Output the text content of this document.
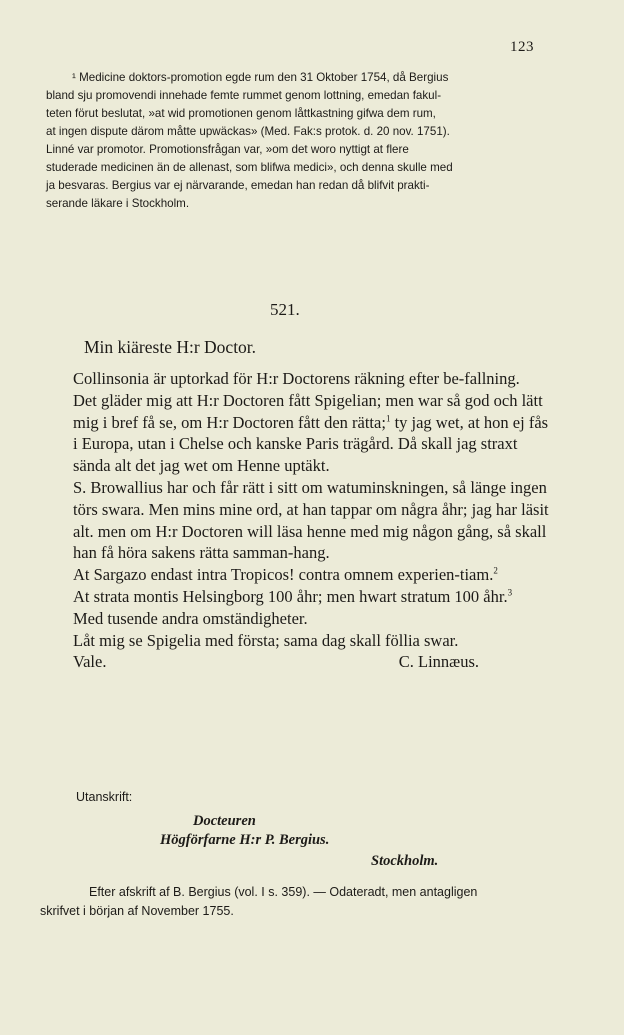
123
¹ Medicine doktors-promotion egde rum den 31 Oktober 1754, då Bergius
bland sju promovendi innehade femte rummet genom lottning, emedan fakul-
teten förut beslutat, »at wid promotionen genom låttkastning gifwa dem rum,
at ingen dispute därom måtte upwäckas» (Med. Fak:s protok. d. 20 nov. 1751).
Linné var promotor. Promotionsfrågan var, »om det woro nyttigt at flere
studerade medicinen än de allenast, som blifwa medici», och denna skulle med
ja besvaras. Bergius var ej närvarande, emedan han redan då blifvit prakti-
serande läkare i Stockholm.
521.
Min kiäreste H:r Doctor.

Collinsonia är uptorkad för H:r Doctorens räkning efter be-fallning.

Det gläder mig att H:r Doctoren fått Spigelian; men war så god och lätt mig i bref få se, om H:r Doctoren fått den rätta;$^1$ ty jag wet, at hon ej fås i Europa, utan i Chelse och kanske Paris trägård. Då skall jag straxt sända alt det jag wet om Henne uptäkt.

S. Browallius har och får rätt i sitt om watuminskningen, så länge ingen törs swara. Men mins mine ord, at han tappar om några åhr; jag har läsit alt. men om H:r Doctoren will läsa henne med mig någon gång, så skall han få höra sakens rätta samman-hang.

At Sargazo endast intra Tropicos! contra omnem experien-tiam.$^2$

At strata montis Helsingborg 100 åhr; men hwart stratum 100 åhr.$^3$

Med tusende andra omständigheter.

Låt mig se Spigelia med första; sama dag skall föllia swar.

Vale.	C. Linnæus.
Utanskrift:
Docteuren
Högförfarne H:r P. Bergius.
Stockholm.
Efter afskrift af B. Bergius (vol. I s. 359). — Odateradt, men antagligen
skrifvet i början af November 1755.
